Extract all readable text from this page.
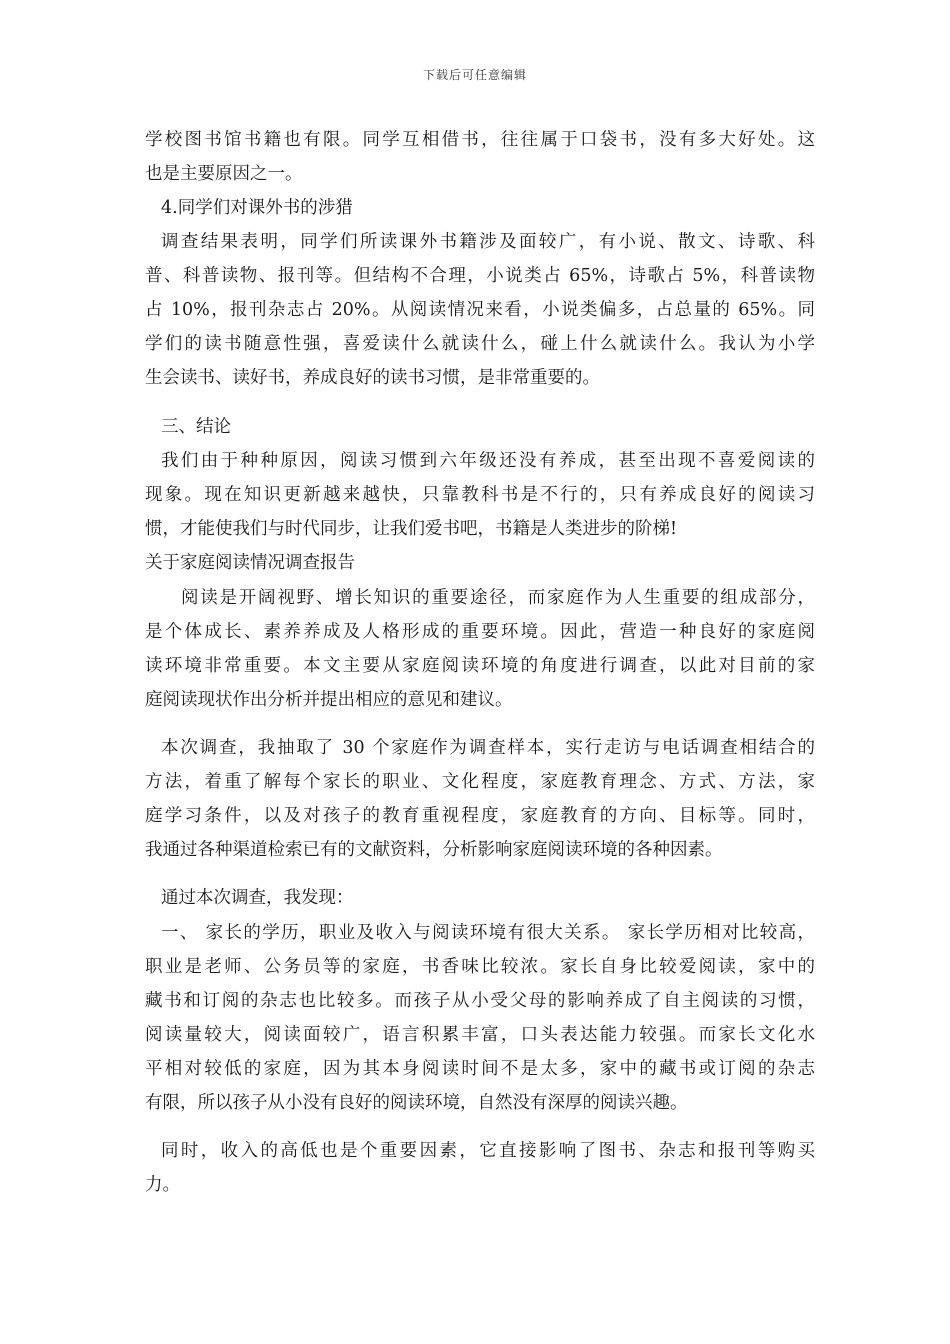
下载后可任意编辑
学校图书馆书籍也有限。同学互相借书，往往属于口袋书，没有多大好处。这
也是主要原因之一。
4.同学们对课外书的涉猎
调查结果表明，同学们所读课外书籍涉及面较广，有小说、散文、诗歌、科
普、科普读物、报刊等。但结构不合理，小说类占 65%，诗歌占 5%，科普读物
占 10%，报刊杂志占 20%。从阅读情况来看，小说类偏多，占总量的 65%。同
学们的读书随意性强，喜爱读什么就读什么，碰上什么就读什么。我认为小学
生会读书、读好书，养成良好的读书习惯，是非常重要的。
三、结论
我们由于种种原因，阅读习惯到六年级还没有养成，甚至出现不喜爱阅读的
现象。现在知识更新越来越快，只靠教科书是不行的，只有养成良好的阅读习
惯，才能使我们与时代同步，让我们爱书吧，书籍是人类进步的阶梯!
关于家庭阅读情况调查报告
阅读是开阔视野、增长知识的重要途径，而家庭作为人生重要的组成部分，
是个体成长、素养养成及人格形成的重要环境。因此，营造一种良好的家庭阅
读环境非常重要。本文主要从家庭阅读环境的角度进行调查，以此对目前的家
庭阅读现状作出分析并提出相应的意见和建议。
本次调查，我抽取了 30 个家庭作为调查样本，实行走访与电话调查相结合的
方法，着重了解每个家长的职业、文化程度，家庭教育理念、方式、方法，家
庭学习条件，以及对孩子的教育重视程度，家庭教育的方向、目标等。同时，
我通过各种渠道检索已有的文献资料，分析影响家庭阅读环境的各种因素。
通过本次调查，我发现：
一、 家长的学历，职业及收入与阅读环境有很大关系。 家长学历相对比较高，
职业是老师、公务员等的家庭，书香味比较浓。家长自身比较爱阅读，家中的
藏书和订阅的杂志也比较多。而孩子从小受父母的影响养成了自主阅读的习惯，
阅读量较大，阅读面较广，语言积累丰富，口头表达能力较强。而家长文化水
平相对较低的家庭，因为其本身阅读时间不是太多，家中的藏书或订阅的杂志
有限，所以孩子从小没有良好的阅读环境，自然没有深厚的阅读兴趣。
同时，收入的高低也是个重要因素，它直接影响了图书、杂志和报刊等购买
力。
